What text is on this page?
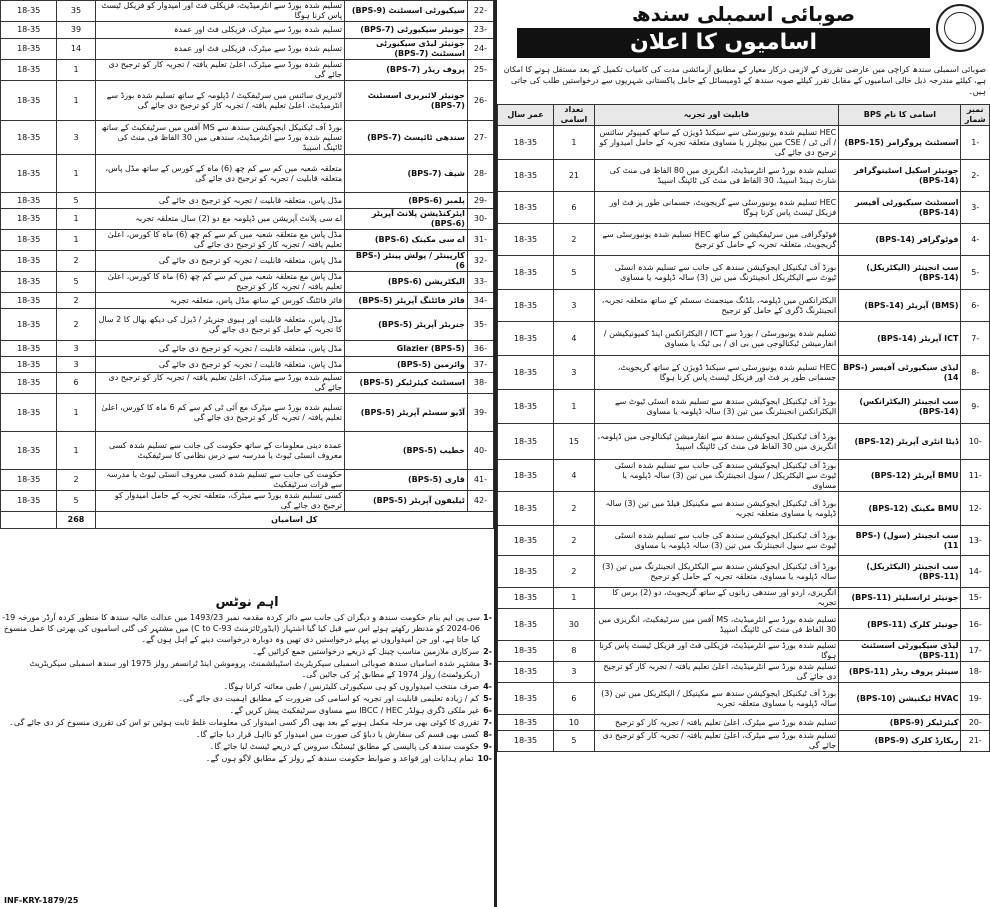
-22	سیکیورٹی اسسٹنٹ (BPS-9)	تسلیم شدہ بورڈ سے انٹرمیڈیٹ، فزیکلی فٹ اور امیدوار کو فزیکل ٹیسٹ پاس کرنا ہوگا	35	18-35
-23	جونیئر سیکیورٹی (BPS-7)	تسلیم شدہ بورڈ سے میٹرک، فزیکلی فٹ اور عمدہ	39	18-35
-24	جونیئر لیڈی سیکیورٹی اسسٹنٹ (BPS-7)	تسلیم شدہ بورڈ سے میٹرک، فزیکلی فٹ اور عمدہ	14	18-35
-25	پروف ریڈر (BPS-7)	تسلیم شدہ بورڈ سے میٹرک، اعلیٰ تعلیم یافتہ / تجربہ کار کو ترجیح دی جائے گی	1	18-35
-26	جونیئر لائبریری اسسٹنٹ (BPS-7)	لائبریری سائنس میں سرٹیفکیٹ / ڈپلومہ کے ساتھ تسلیم شدہ بورڈ سے انٹرمیڈیٹ، اعلیٰ تعلیم یافتہ / تجربہ کار کو ترجیح دی جائے گی	1	18-35
-27	سندھی ٹائپسٹ (BPS-7)	بورڈ آف ٹیکنیکل ایجوکیشن سندھ سے MS آفس میں سرٹیفکیٹ کے ساتھ تسلیم شدہ بورڈ سے انٹرمیڈیٹ، سندھی میں 30 الفاظ فی منٹ کی ٹائپنگ اسپیڈ	3	18-35
-28	شیف (BPS-7)	متعلقہ شعبہ میں کم سے کم چھ (6) ماہ کے کورس کے ساتھ مڈل پاس، متعلقہ قابلیت / تجربہ کو ترجیح دی جائے گی	1	18-35
-29	پلمبر (BPS-6)	مڈل پاس، متعلقہ قابلیت / تجربہ کو ترجیح دی جائے گی	5	18-35
-30	ایئرکنڈیشن پلانٹ آپریٹر (BPS-6)	اے سی پلانٹ آپریشن میں ڈپلومہ مع دو (2) سال متعلقہ تجربہ	1	18-35
-31	اے سی مکینک (BPS-6)	مڈل پاس مع متعلقہ شعبہ میں کم سے کم چھ (6) ماہ کا کورس، اعلیٰ تعلیم یافتہ / تجربہ کار کو ترجیح دی جائے گی	1	18-35
-32	کارپینٹر / پولش پینٹر (BPS-6)	مڈل پاس، متعلقہ قابلیت / تجربہ کو ترجیح دی جائے گی	2	18-35
-33	الیکٹریشن (BPS-6)	مڈل پاس مع متعلقہ شعبہ میں کم سے کم چھ (6) ماہ کا کورس، اعلیٰ تعلیم یافتہ / تجربہ کار کو ترجیح	5	18-35
-34	فائر فائٹنگ آپریٹر (BPS-5)	فائر فائٹنگ کورس کے ساتھ مڈل پاس، متعلقہ تجربہ	2	18-35
-35	جنریٹر آپریٹر (BPS-5)	مڈل پاس، متعلقہ قابلیت اور ہیوی جنریٹر / ڈیزل کی دیکھ بھال کا 2 سال کا تجربہ کے حامل کو ترجیح دی جائے گی	2	18-35
-36	Glazier (BPS-5)	مڈل پاس، متعلقہ قابلیت / تجربہ کو ترجیح دی جائے گی	3	18-35
-37	وائرمین (BPS-5)	مڈل پاس، متعلقہ قابلیت / تجربہ کو ترجیح دی جائے گی	3	18-35
-38	اسسٹنٹ کیئرٹیکر (BPS-5)	تسلیم شدہ بورڈ سے میٹرک، اعلیٰ تعلیم یافتہ / تجربہ کار کو ترجیح دی جائے گی	6	18-35
-39	آڈیو سسٹم آپریٹر (BPS-5)	تسلیم شدہ بورڈ سے میٹرک مع آئی ٹی کم سے کم 6 ماہ کا کورس، اعلیٰ تعلیم یافتہ / تجربہ کار کو ترجیح دی جائے گی	1	18-35
-40	خطیب (BPS-5)	عمدہ دینی معلومات کے ساتھ حکومت کی جانب سے تسلیم شدہ کسی معروف انسٹی ٹیوٹ یا مدرسہ سے درس نظامی کا سرٹیفکیٹ	1	18-35
-41	قاری (BPS-5)	حکومت کی جانب سے تسلیم شدہ کسی معروف انسٹی ٹیوٹ یا مدرسہ سے قرات سرٹیفکیٹ	2	18-35
-42	ٹیلیفون آپریٹر (BPS-5)	کسی تسلیم شدہ بورڈ سے میٹرک، متعلقہ تجربہ کے حامل امیدوار کو ترجیح دی جائے گی	5	18-35
کل اسامیاں			268	
اہم نوٹس
-1
سی پی ایم بنام حکومت سندھ و دیگران کی جانب سے دائر کردہ مقدمہ نمبر 1493/23 میں عدالت عالیہ سندھ کا منظور کردہ آرڈر مورخہ 19-06-2024 کو مدنظر رکھتے ہوئے اس سے قبل کیا گیا اشتہار (ایڈورٹائزمنٹ C to C-93) میں مشتہر کی گئی اسامیوں کی بھرتی کا عمل منسوخ کیا جاتا ہے، اور جن امیدواروں نے پہلے درخواستیں دی تھیں وہ دوبارہ درخواست دینے کے اہل ہوں گے۔
-2
سرکاری ملازمین مناسب چینل کے ذریعے درخواستیں جمع کرائیں گے۔
-3
مشتہر شدہ اسامیاں سندھ صوبائی اسمبلی سیکریٹریٹ اسٹیبلشمنٹ، پروموشن اینڈ ٹرانسفر رولز 1975 اور سندھ اسمبلی سیکریٹریٹ (ریکروٹمنٹ) رولز 1974 کے مطابق پُر کی جائیں گی۔
-4
صرف منتخب امیدواروں کو ہی سیکیورٹی کلیئرنس / طبی معائنہ کرانا ہوگا۔
-5
کم / زیادہ تعلیمی قابلیت اور تجربہ کو اسامی کی ضرورت کے مطابق اہمیت دی جائے گی۔
-6
غیر ملکی ڈگری ہولڈر IBCC / HEC سے مساوی سرٹیفکیٹ پیش کریں گے۔
-7
تقرری کا کوئی بھی مرحلہ مکمل ہونے کے بعد بھی اگر کسی امیدوار کی معلومات غلط ثابت ہوئیں تو اس کی تقرری منسوخ کر دی جائے گی۔
-8
کسی بھی قسم کی سفارش یا دباؤ کی صورت میں امیدوار کو نااہل قرار دیا جائے گا۔
-9
حکومت سندھ کی پالیسی کے مطابق ٹیسٹنگ سروس کے ذریعے ٹیسٹ لیا جائے گا۔
-10
تمام ہدایات اور قواعد و ضوابط حکومت سندھ کے رولز کے مطابق لاگو ہوں گے۔
INF-KRY-1879/25
صوبائی اسمبلی سندھ
اسامیوں کا اعلان
صوبائی اسمبلی سندھ کراچی میں عارضی تقرری کے لازمی درکار معیار کے مطابق آزمائشی مدت کی کامیاب تکمیل کے بعد مستقل ہونے کا امکان ہے، کیلئے مندرجہ ذیل خالی اسامیوں کے مقابل تقرر کیلئے صوبہ سندھ کے ڈومیسائل کے حامل پاکستانی شہریوں سے درخواستیں طلب کی جاتی ہیں۔
نمبر شمار	اسامی کا نام BPS	قابلیت اور تجربہ	تعداد اسامی	عمر سال
-1	اسسٹنٹ پروگرامر (BPS-15)	HEC تسلیم شدہ یونیورسٹی سے سیکنڈ ڈویژن کے ساتھ کمپیوٹر سائنس / آئی ٹی / CSE میں بیچلرز یا مساوی متعلقہ تجربہ کے حامل امیدوار کو ترجیح دی جائے گی	1	18-35
-2	جونیئر اسکیل اسٹینوگرافر (BPS-14)	تسلیم شدہ بورڈ سے انٹرمیڈیٹ، انگریزی میں 80 الفاظ فی منٹ کی شارٹ ہینڈ اسپیڈ، 30 الفاظ فی منٹ کی ٹائپنگ اسپیڈ	21	18-35
-3	اسسٹنٹ سیکیورٹی آفیسر (BPS-14)	HEC تسلیم شدہ یونیورسٹی سے گریجویٹ، جسمانی طور پر فٹ اور فزیکل ٹیسٹ پاس کرنا ہوگا	6	18-35
-4	فوٹوگرافر (BPS-14)	فوٹوگرافی میں سرٹیفکیشن کے ساتھ HEC تسلیم شدہ یونیورسٹی سے گریجویٹ، متعلقہ تجربہ کے حامل کو ترجیح	2	18-35
-5	سب انجینئر (الیکٹریکل) (BPS-14)	بورڈ آف ٹیکنیکل ایجوکیشن سندھ کی جانب سے تسلیم شدہ انسٹی ٹیوٹ سے الیکٹریکل انجینئرنگ میں تین (3) سالہ ڈپلومہ یا مساوی	5	18-35
-6	(BMS) آپریٹر (BPS-14)	الیکٹرانکس میں ڈپلومہ، بلڈنگ مینجمنٹ سسٹم کے ساتھ متعلقہ تجربہ، انجینئرنگ ڈگری کے حامل کو ترجیح	3	18-35
-7	ICT آپریٹر (BPS-14)	تسلیم شدہ یونیورسٹی / بورڈ سے ICT / الیکٹرانکس اینڈ کمیونیکیشن / انفارمیشن ٹیکنالوجی میں بی ای / بی ٹیک یا مساوی	4	18-35
-8	لیڈی سیکیورٹی آفیسر (BPS-14)	HEC تسلیم شدہ یونیورسٹی سے سیکنڈ ڈویژن کے ساتھ گریجویٹ، جسمانی طور پر فٹ اور فزیکل ٹیسٹ پاس کرنا ہوگا	3	18-35
-9	سب انجینئر (الیکٹرانکس) (BPS-14)	بورڈ آف ٹیکنیکل ایجوکیشن سندھ سے تسلیم شدہ انسٹی ٹیوٹ سے الیکٹرانکس انجینئرنگ میں تین (3) سالہ ڈپلومہ یا مساوی	1	18-35
-10	ڈیٹا انٹری آپریٹر (BPS-12)	بورڈ آف ٹیکنیکل ایجوکیشن سندھ سے انفارمیشن ٹیکنالوجی میں ڈپلومہ، انگریزی میں 30 الفاظ فی منٹ کی ٹائپنگ اسپیڈ	15	18-35
-11	BMU آپریٹر (BPS-12)	بورڈ آف ٹیکنیکل ایجوکیشن سندھ کی جانب سے تسلیم شدہ انسٹی ٹیوٹ سے الیکٹریکل / سول انجینئرنگ میں تین (3) سالہ ڈپلومہ یا مساوی	4	18-35
-12	BMU مکینک (BPS-12)	بورڈ آف ٹیکنیکل ایجوکیشن سندھ سے مکینیکل فیلڈ میں تین (3) سالہ ڈپلومہ یا مساوی متعلقہ تجربہ	2	18-35
-13	سب انجینئر (سول) (BPS-11)	بورڈ آف ٹیکنیکل ایجوکیشن سندھ کی جانب سے تسلیم شدہ انسٹی ٹیوٹ سے سول انجینئرنگ میں تین (3) سالہ ڈپلومہ یا مساوی	2	18-35
-14	سب انجینئر (الیکٹریکل) (BPS-11)	بورڈ آف ٹیکنیکل ایجوکیشن سندھ سے الیکٹریکل انجینئرنگ میں تین (3) سالہ ڈپلومہ یا مساوی، متعلقہ تجربہ کے حامل کو ترجیح	2	18-35
-15	جونیئر ٹرانسلیٹر (BPS-11)	انگریزی، اردو اور سندھی زبانوں کے ساتھ گریجویٹ، دو (2) برس کا تجربہ	1	18-35
-16	جونیئر کلرک (BPS-11)	تسلیم شدہ بورڈ سے انٹرمیڈیٹ، MS آفس میں سرٹیفکیٹ، انگریزی میں 30 الفاظ فی منٹ کی ٹائپنگ اسپیڈ	30	18-35
-17	لیڈی سیکیورٹی اسسٹنٹ (BPS-11)	تسلیم شدہ بورڈ سے انٹرمیڈیٹ، فزیکلی فٹ اور فزیکل ٹیسٹ پاس کرنا ہوگا	8	18-35
-18	سینئر پروف ریڈر (BPS-11)	تسلیم شدہ بورڈ سے انٹرمیڈیٹ، اعلیٰ تعلیم یافتہ / تجربہ کار کو ترجیح دی جائے گی	3	18-35
-19	HVAC ٹیکنیشن (BPS-10)	بورڈ آف ٹیکنیکل ایجوکیشن سندھ سے مکینیکل / الیکٹریکل میں تین (3) سالہ ڈپلومہ یا مساوی متعلقہ تجربہ	6	18-35
-20	کیئرٹیکر (BPS-9)	تسلیم شدہ بورڈ سے میٹرک، اعلیٰ تعلیم یافتہ / تجربہ کار کو ترجیح	10	18-35
-21	ریکارڈ کلرک (BPS-9)	تسلیم شدہ بورڈ سے میٹرک، اعلیٰ تعلیم یافتہ / تجربہ کار کو ترجیح دی جائے گی	5	18-35
